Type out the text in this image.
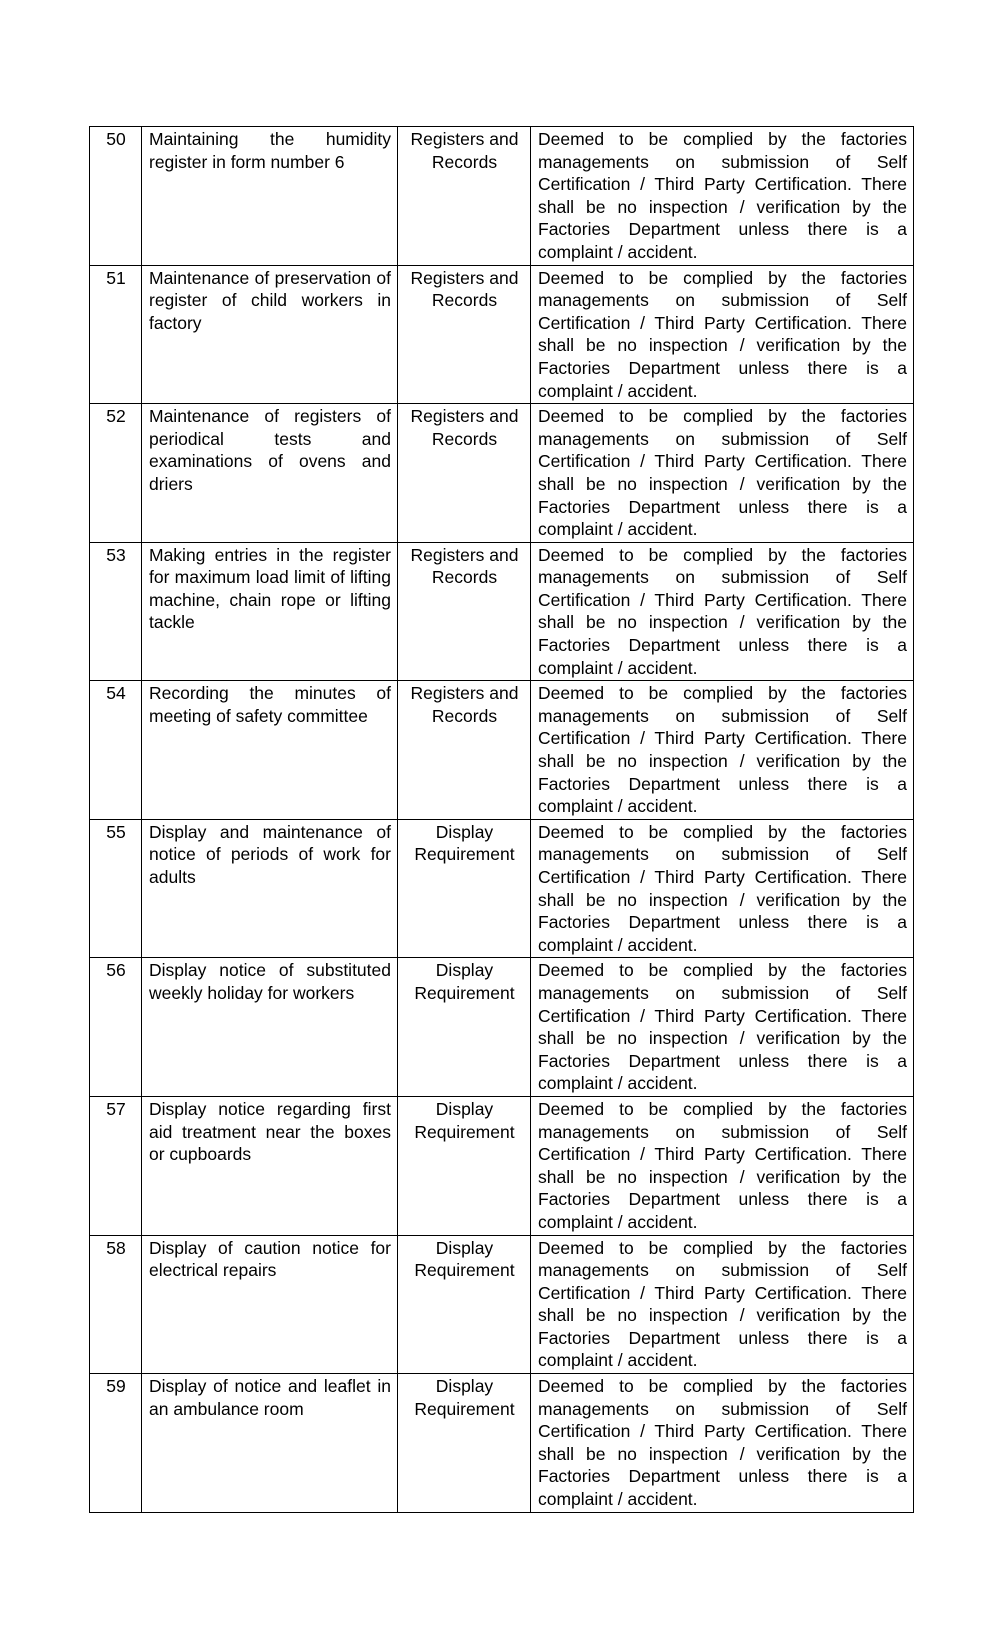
50	Maintaining the humidity register in form number 6	Registers and Records	Deemed to be complied by the factories managements on submission of Self Certification / Third Party Certification. There shall be no inspection / verification by the Factories Department unless there is a complaint / accident.
51	Maintenance of preservation of register of child workers in factory	Registers and Records	Deemed to be complied by the factories managements on submission of Self Certification / Third Party Certification. There shall be no inspection / verification by the Factories Department unless there is a complaint / accident.
52	Maintenance of registers of periodical tests and examinations of ovens and driers	Registers and Records	Deemed to be complied by the factories managements on submission of Self Certification / Third Party Certification. There shall be no inspection / verification by the Factories Department unless there is a complaint / accident.
53	Making entries in the register for maximum load limit of lifting machine, chain rope or lifting tackle	Registers and Records	Deemed to be complied by the factories managements on submission of Self Certification / Third Party Certification. There shall be no inspection / verification by the Factories Department unless there is a complaint / accident.
54	Recording the minutes of meeting of safety committee	Registers and Records	Deemed to be complied by the factories managements on submission of Self Certification / Third Party Certification. There shall be no inspection / verification by the Factories Department unless there is a complaint / accident.
55	Display and maintenance of notice of periods of work for adults	Display Requirement	Deemed to be complied by the factories managements on submission of Self Certification / Third Party Certification. There shall be no inspection / verification by the Factories Department unless there is a complaint / accident.
56	Display notice of substituted weekly holiday for workers	Display Requirement	Deemed to be complied by the factories managements on submission of Self Certification / Third Party Certification. There shall be no inspection / verification by the Factories Department unless there is a complaint / accident.
57	Display notice regarding first aid treatment near the boxes or cupboards	Display Requirement	Deemed to be complied by the factories managements on submission of Self Certification / Third Party Certification. There shall be no inspection / verification by the Factories Department unless there is a complaint / accident.
58	Display of caution notice for electrical repairs	Display Requirement	Deemed to be complied by the factories managements on submission of Self Certification / Third Party Certification. There shall be no inspection / verification by the Factories Department unless there is a complaint / accident.
59	Display of notice and leaflet in an ambulance room	Display Requirement	Deemed to be complied by the factories managements on submission of Self Certification / Third Party Certification. There shall be no inspection / verification by the Factories Department unless there is a complaint / accident.
